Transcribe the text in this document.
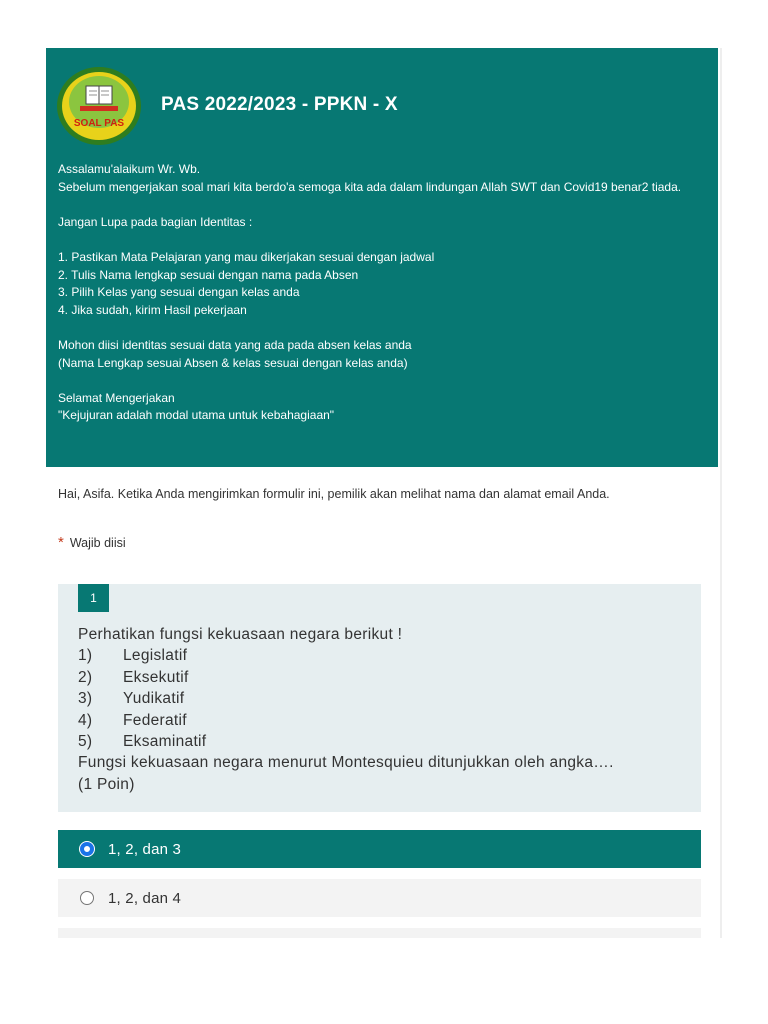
SOAL PAS
PAS 2022/2023 - PPKN - X
Assalamu'alaikum Wr. Wb.
Sebelum mengerjakan soal mari kita berdo'a semoga kita ada dalam lindungan Allah SWT dan Covid19 benar2 tiada.
Jangan Lupa pada bagian Identitas :
1. Pastikan Mata Pelajaran yang mau dikerjakan sesuai dengan jadwal
2. Tulis Nama lengkap sesuai dengan nama pada Absen
3. Pilih Kelas yang sesuai dengan kelas anda
4. Jika sudah, kirim Hasil pekerjaan
Mohon diisi identitas sesuai data yang ada pada absen kelas anda
(Nama Lengkap sesuai Absen & kelas sesuai dengan kelas anda)
Selamat Mengerjakan
"Kejujuran adalah modal utama untuk kebahagiaan"
Hai, Asifa. Ketika Anda mengirimkan formulir ini, pemilik akan melihat nama dan alamat email Anda.
* Wajib diisi
1
Perhatikan fungsi kekuasaan negara berikut !
1)	Legislatif
2)	Eksekutif
3)	Yudikatif
4)	Federatif
5)	Eksaminatif
Fungsi kekuasaan negara menurut Montesquieu ditunjukkan oleh angka….
(1 Poin)
1, 2, dan 3
1, 2, dan 4
